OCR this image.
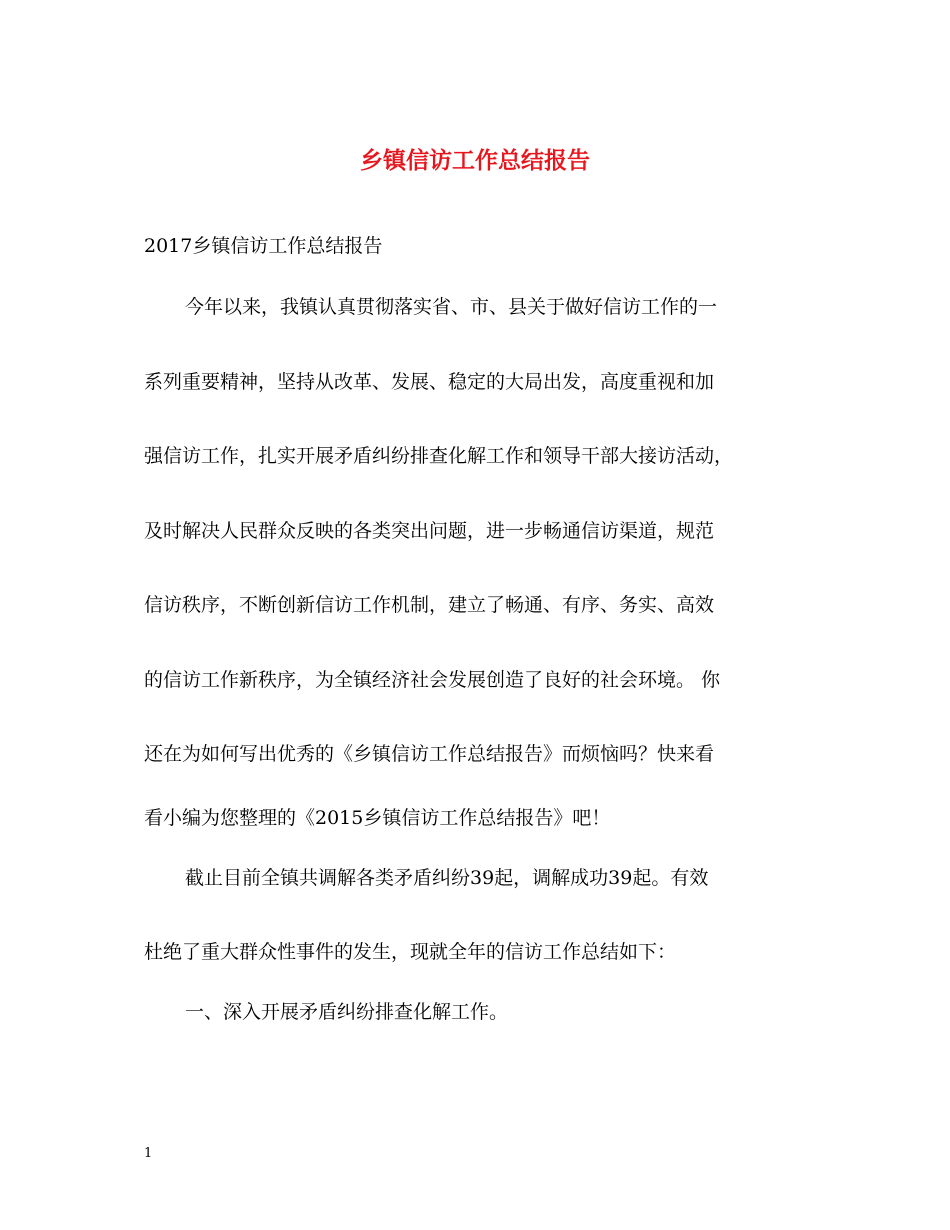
乡镇信访工作总结报告

2017乡镇信访工作总结报告

今年以来，我镇认真贯彻落实省、市、县关于做好信访工作的一

系列重要精神，坚持从改革、发展、稳定的大局出发，高度重视和加

强信访工作，扎实开展矛盾纠纷排查化解工作和领导干部大接访活动，

及时解决人民群众反映的各类突出问题，进一步畅通信访渠道，规范

信访秩序，不断创新信访工作机制，建立了畅通、有序、务实、高效

的信访工作新秩序，为全镇经济社会发展创造了良好的社会环境。 你

还在为如何写出优秀的《乡镇信访工作总结报告》而烦恼吗？快来看

看小编为您整理的《2015乡镇信访工作总结报告》吧！

截止目前全镇共调解各类矛盾纠纷39起，调解成功39起。有效

杜绝了重大群众性事件的发生，现就全年的信访工作总结如下：

一、深入开展矛盾纠纷排查化解工作。

1
